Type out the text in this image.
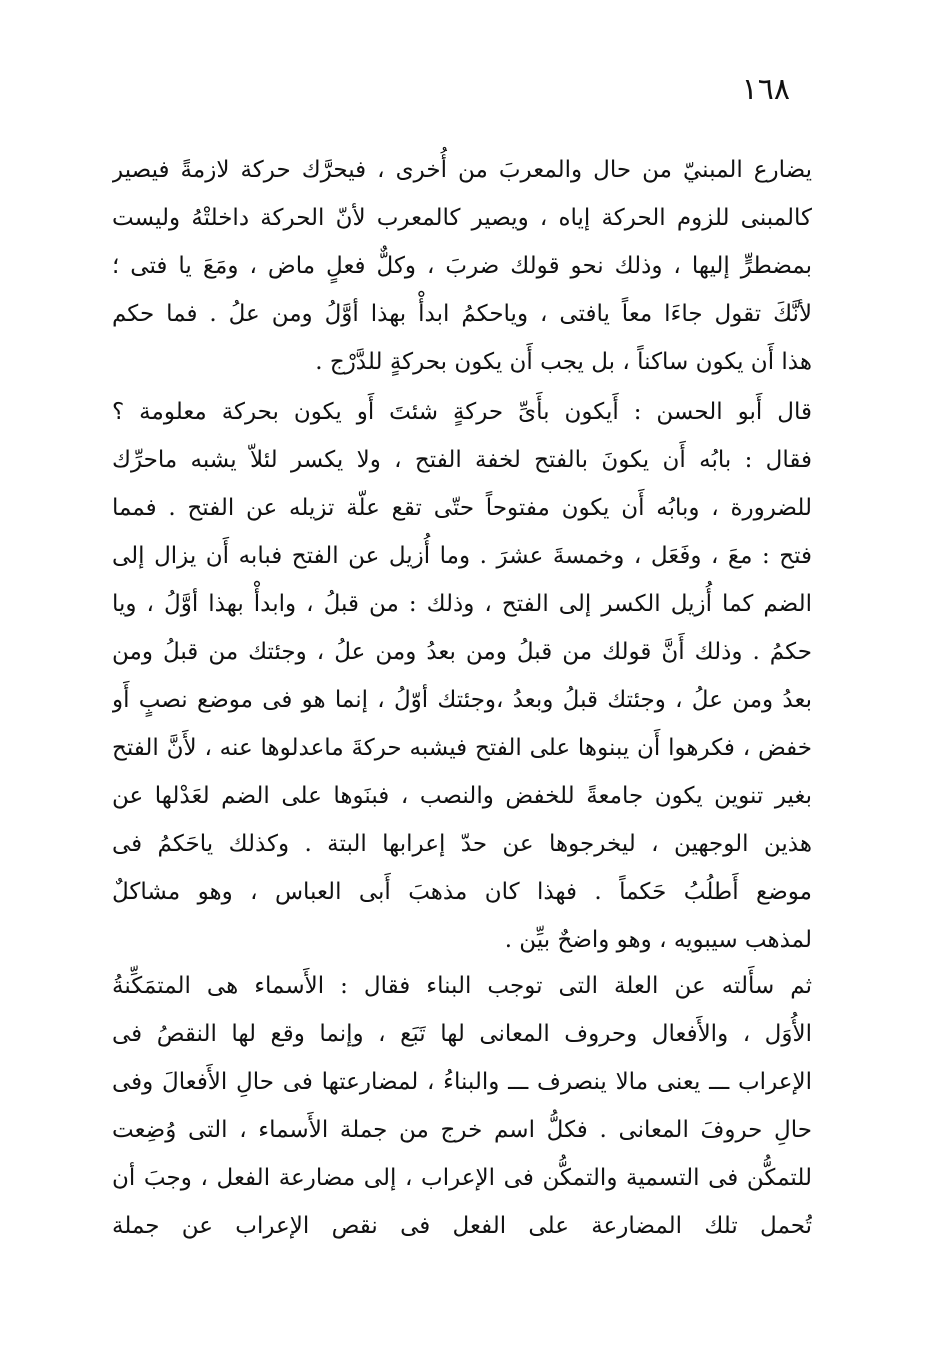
١٦٨
يضارع المبنيّ من حال والمعربَ من أُخرى ، فيحرَّك حركة لازمةً فيصير
كالمبنى للزوم الحركة إياه ، ويصير كالمعرب لأنّ الحركة داخلتْهُ وليست
بمضطرٍّ إليها ، وذلك نحو قولك ضربَ ، وكلٌّ فعلٍ ماض ، ومَعَ يا فتى ؛
لأنَّكَ تقول جاءَا معاً يافتى ، وياحكمُ ابدأْ بهذا أوَّلُ ومن علُ . فما حكم
هذا أَن يكون ساكناً ، بل يجب أَن يكون بحركةٍ للدَّرْج .
قال أَبو الحسن : أَيكون بأَىِّ حركةٍ شئتَ أَو يكون بحركة معلومة ؟
فقال : بابُه أَن يكونَ بالفتح لخفة الفتح ، ولا يكسر لئلاّ يشبه ماحرِّك
للضرورة ، وبابُه أَن يكون مفتوحاً حتّى تقع علّة تزيله عن الفتح . فمما
فتح : معَ ، وفَعَل ، وخمسةَ عشرَ . وما أُزيل عن الفتح فبابه أَن يزال إلى
الضم كما أُزيل الكسر إلى الفتح ، وذلك : من قبلُ ، وابدأْ بهذا أوَّلُ ، ويا
حكمُ . وذلك أَنَّ قولك من قبلُ ومن بعدُ ومن علُ ، وجئتك من قبلُ ومن
بعدُ ومن علُ ، وجئتك قبلُ وبعدُ ،وجئتك أوّلُ ، إنما هو فى موضع نصبٍ أَو
خفض ، فكرهوا أَن يبنوها على الفتح فيشبه حركةَ ماعدلوها عنه ، لأَنَّ الفتح
بغير تنوين يكون جامعةً للخفض والنصب ، فبنَوها على الضم لعَدْلها عن
هذين الوجهين ، ليخرجوها عن حدّ إعرابها البتة . وكذلك ياحَكمُ فى
موضع أَطلُبُ حَكماً . فهذا كان مذهبَ أَبى العباس ، وهو مشاكلٌ
لمذهب سيبويه ، وهو واضحٌ بيِّن .
ثم سأَلته عن العلة التى توجب البناء فقال : الأَسماء هى المتمَكِّنةُ
الأُوَل ، والأَفعال وحروف المعانى لها تَبَع ، وإنما وقع لها النقصُ فى
الإعراب ـــ يعنى مالا ينصرف ـــ والبناءُ ، لمضارعتها فى حالِ الأَفعالَ وفى
حالِ حروفَ المعانى . فكلُّ اسم خرج من جملة الأَسماء ، التى وُضِعت
للتمكُّن فى التسمية والتمكُّن فى الإعراب ، إلى مضارعة الفعل ، وجبَ أن
تُحمل تلك المضارعة على الفعل فى نقص الإعراب عن جملة
